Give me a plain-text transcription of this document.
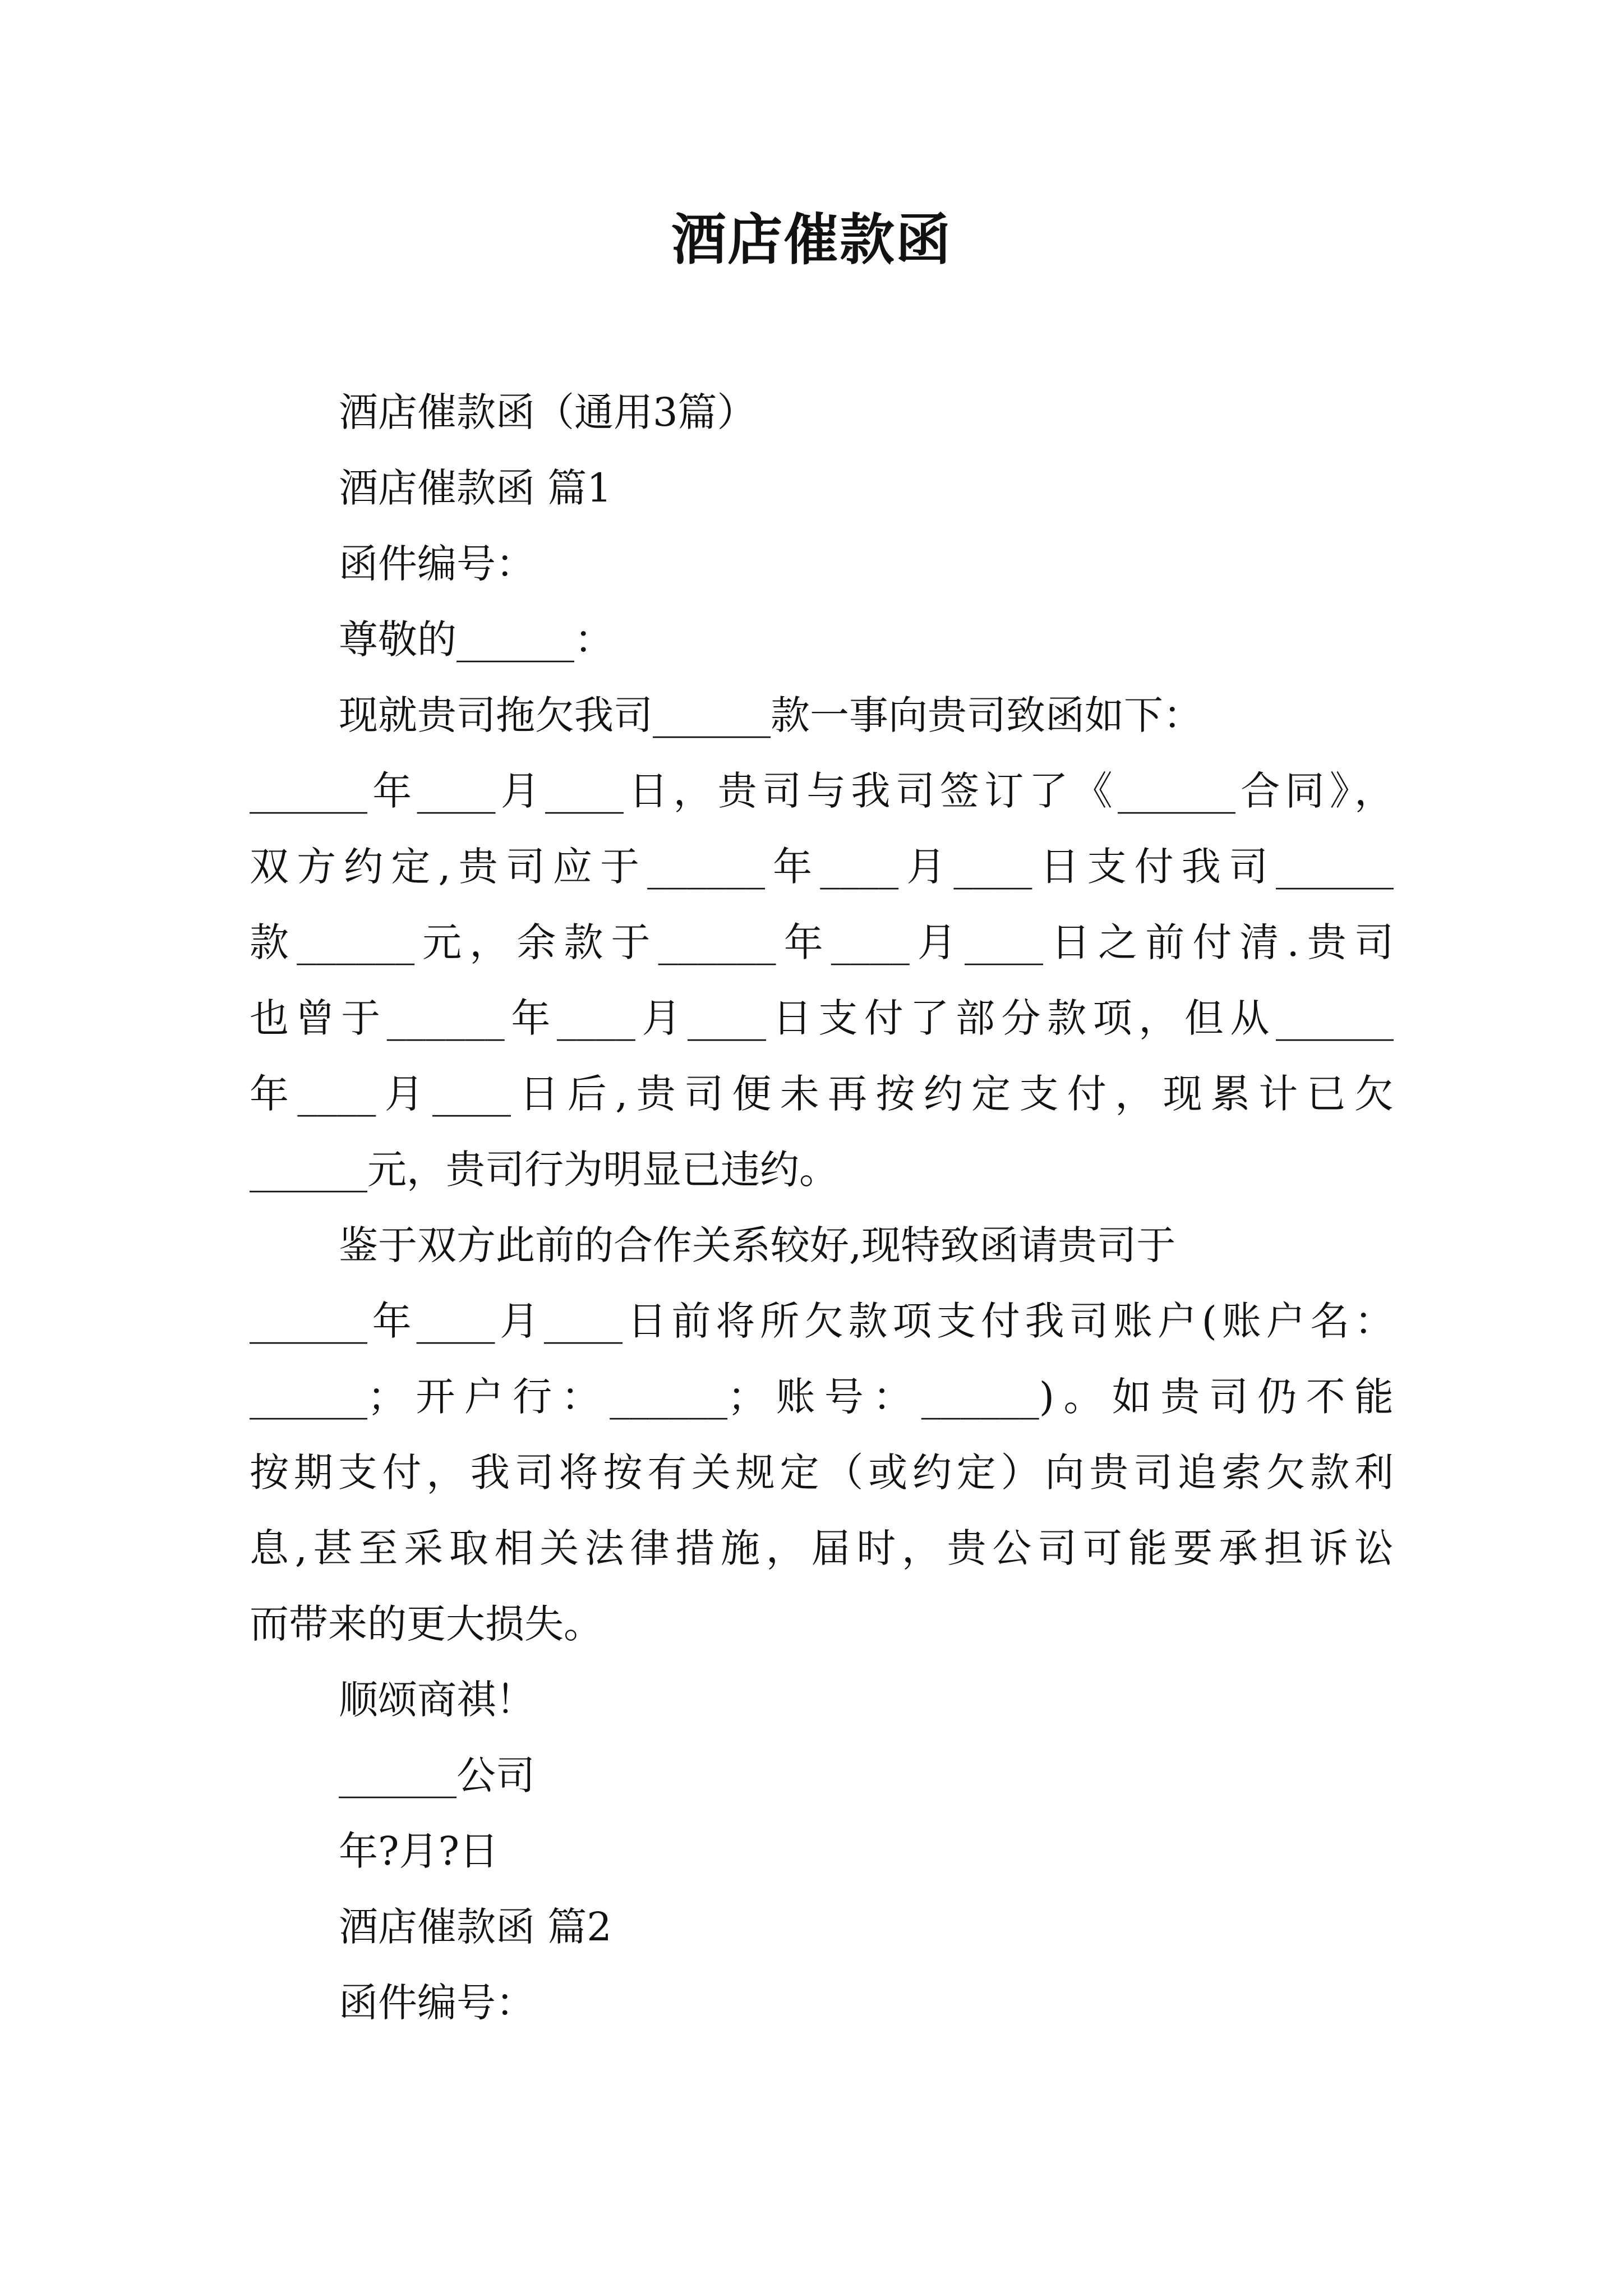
酒店催款函
酒店催款函（通用3篇）
酒店催款函 篇1
函件编号：
尊敬的______：
现就贵司拖欠我司______款一事向贵司致函如下：
______年____月____日，贵司与我司签订了《______合同》，
双方约定,贵司应于______年____月____日支付我司______
款______元，余款于______年____月____日之前付清.贵司
也曾于______年____月____日支付了部分款项，但从______
年____月____日后,贵司便未再按约定支付，现累计已欠
______元，贵司行为明显已违约。
鉴于双方此前的合作关系较好,现特致函请贵司于
______年____月____日前将所欠款项支付我司账户(账户名：
______；开户行：______；账号：______)。如贵司仍不能
按期支付，我司将按有关规定（或约定）向贵司追索欠款利
息,甚至采取相关法律措施，届时，贵公司可能要承担诉讼
而带来的更大损失。
顺颂商祺！
______公司
年?月?日
酒店催款函 篇2
函件编号：
